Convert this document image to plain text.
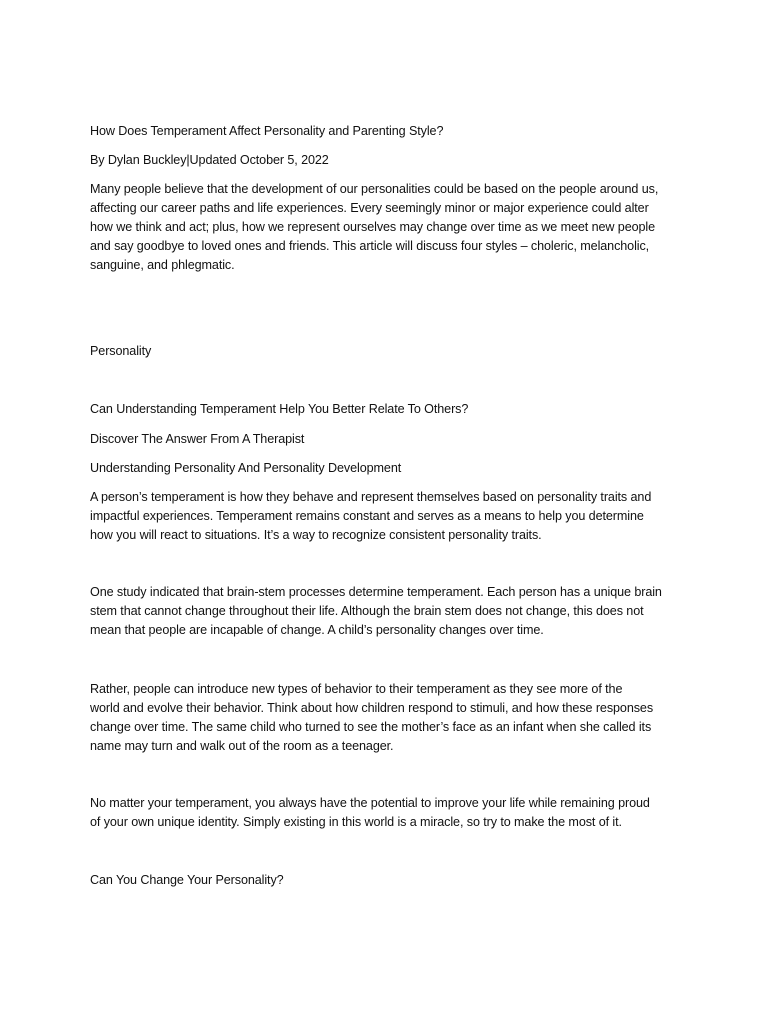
How Does Temperament Affect Personality and Parenting Style?

By Dylan Buckley|Updated October 5, 2022

Many people believe that the development of our personalities could be based on the people around us,
affecting our career paths and life experiences. Every seemingly minor or major experience could alter
how we think and act; plus, how we represent ourselves may change over time as we meet new people
and say goodbye to loved ones and friends. This article will discuss four styles – choleric, melancholic,
sanguine, and phlegmatic.

Personality

Can Understanding Temperament Help You Better Relate To Others?

Discover The Answer From A Therapist

Understanding Personality And Personality Development

A person’s temperament is how they behave and represent themselves based on personality traits and
impactful experiences. Temperament remains constant and serves as a means to help you determine
how you will react to situations. It’s a way to recognize consistent personality traits.

One study indicated that brain-stem processes determine temperament. Each person has a unique brain
stem that cannot change throughout their life. Although the brain stem does not change, this does not
mean that people are incapable of change. A child’s personality changes over time.

Rather, people can introduce new types of behavior to their temperament as they see more of the
world and evolve their behavior. Think about how children respond to stimuli, and how these responses
change over time. The same child who turned to see the mother’s face as an infant when she called its
name may turn and walk out of the room as a teenager.

No matter your temperament, you always have the potential to improve your life while remaining proud
of your own unique identity. Simply existing in this world is a miracle, so try to make the most of it.

Can You Change Your Personality?
